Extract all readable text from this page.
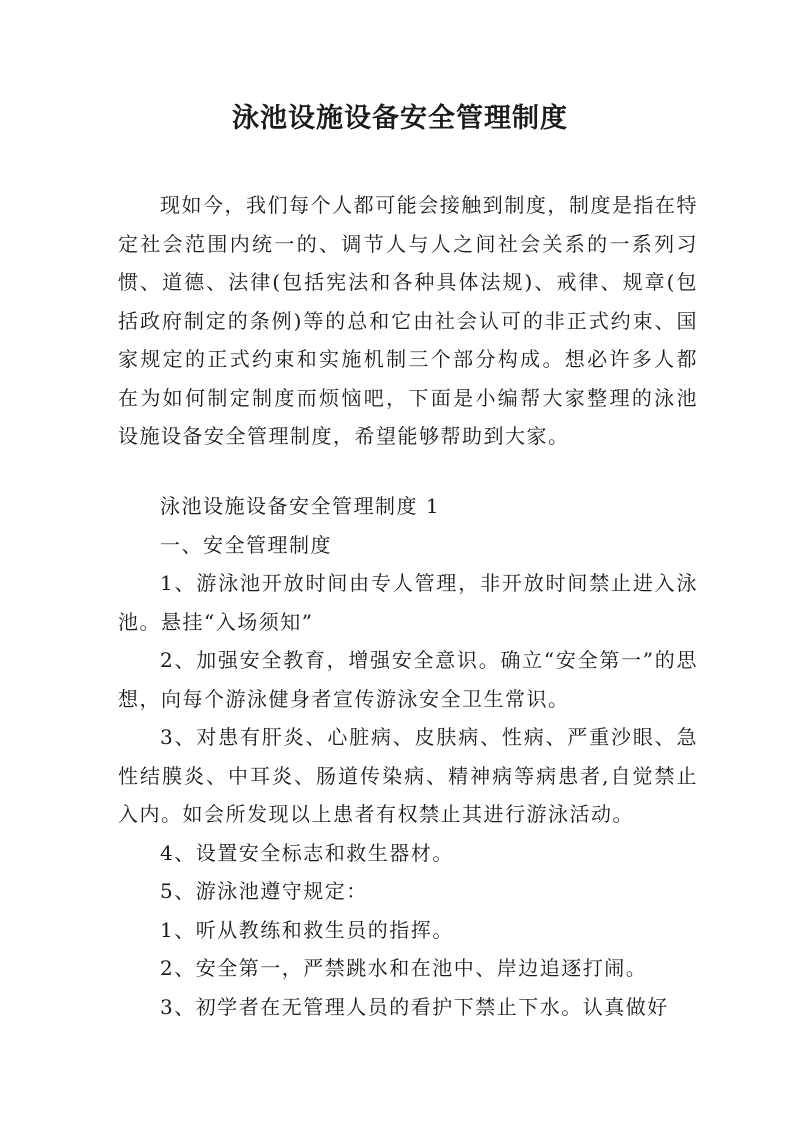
泳池设施设备安全管理制度

现如今，我们每个人都可能会接触到制度，制度是指在特定社会范围内统一的、调节人与人之间社会关系的一系列习惯、道德、法律(包括宪法和各种具体法规)、戒律、规章(包括政府制定的条例)等的总和它由社会认可的非正式约束、国家规定的正式约束和实施机制三个部分构成。想必许多人都在为如何制定制度而烦恼吧，下面是小编帮大家整理的泳池设施设备安全管理制度，希望能够帮助到大家。

泳池设施设备安全管理制度 1

一、安全管理制度

1、游泳池开放时间由专人管理，非开放时间禁止进入泳池。悬挂“入场须知”

2、加强安全教育，增强安全意识。确立“安全第一”的思想，向每个游泳健身者宣传游泳安全卫生常识。

3、对患有肝炎、心脏病、皮肤病、性病、严重沙眼、急性结膜炎、中耳炎、肠道传染病、精神病等病患者,自觉禁止入内。如会所发现以上患者有权禁止其进行游泳活动。

4、设置安全标志和救生器材。

5、游泳池遵守规定：

1、听从教练和救生员的指挥。

2、安全第一，严禁跳水和在池中、岸边追逐打闹。

3、初学者在无管理人员的看护下禁止下水。认真做好
